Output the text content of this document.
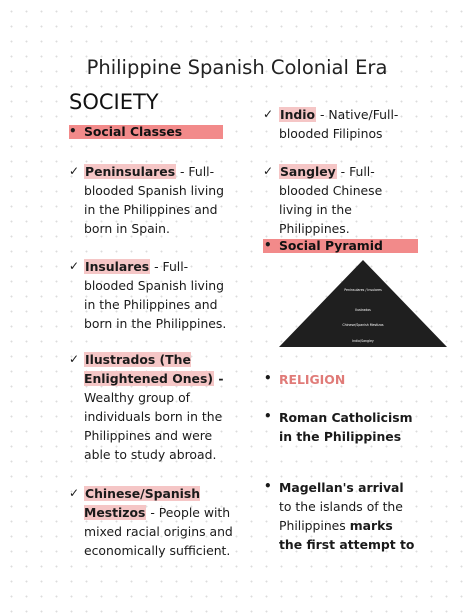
Philippine Spanish Colonial Era
SOCIETY
• Social Classes
✓ Peninsulares - Full-blooded Spanish living in the Philippines and born in Spain.
✓ Insulares - Full-blooded Spanish living in the Philippines and born in the Philippines.
✓ Ilustrados (The Enlightened Ones) - Wealthy group of individuals born in the Philippines and were able to study abroad.
✓ Chinese/Spanish Mestizos - People with mixed racial origins and economically sufficient.
✓ Indio - Native/Full-blooded Filipinos
✓ Sangley - Full-blooded Chinese living in the Philippines.
• Social Pyramid
Peninsulares / Insulares
Ilustrados
Chinese/Spanish Mestizos
Indio/Sangley
• RELIGION
• Roman Catholicism in the Philippines
• Magellan's arrival to the islands of the Philippines marks the first attempt to
